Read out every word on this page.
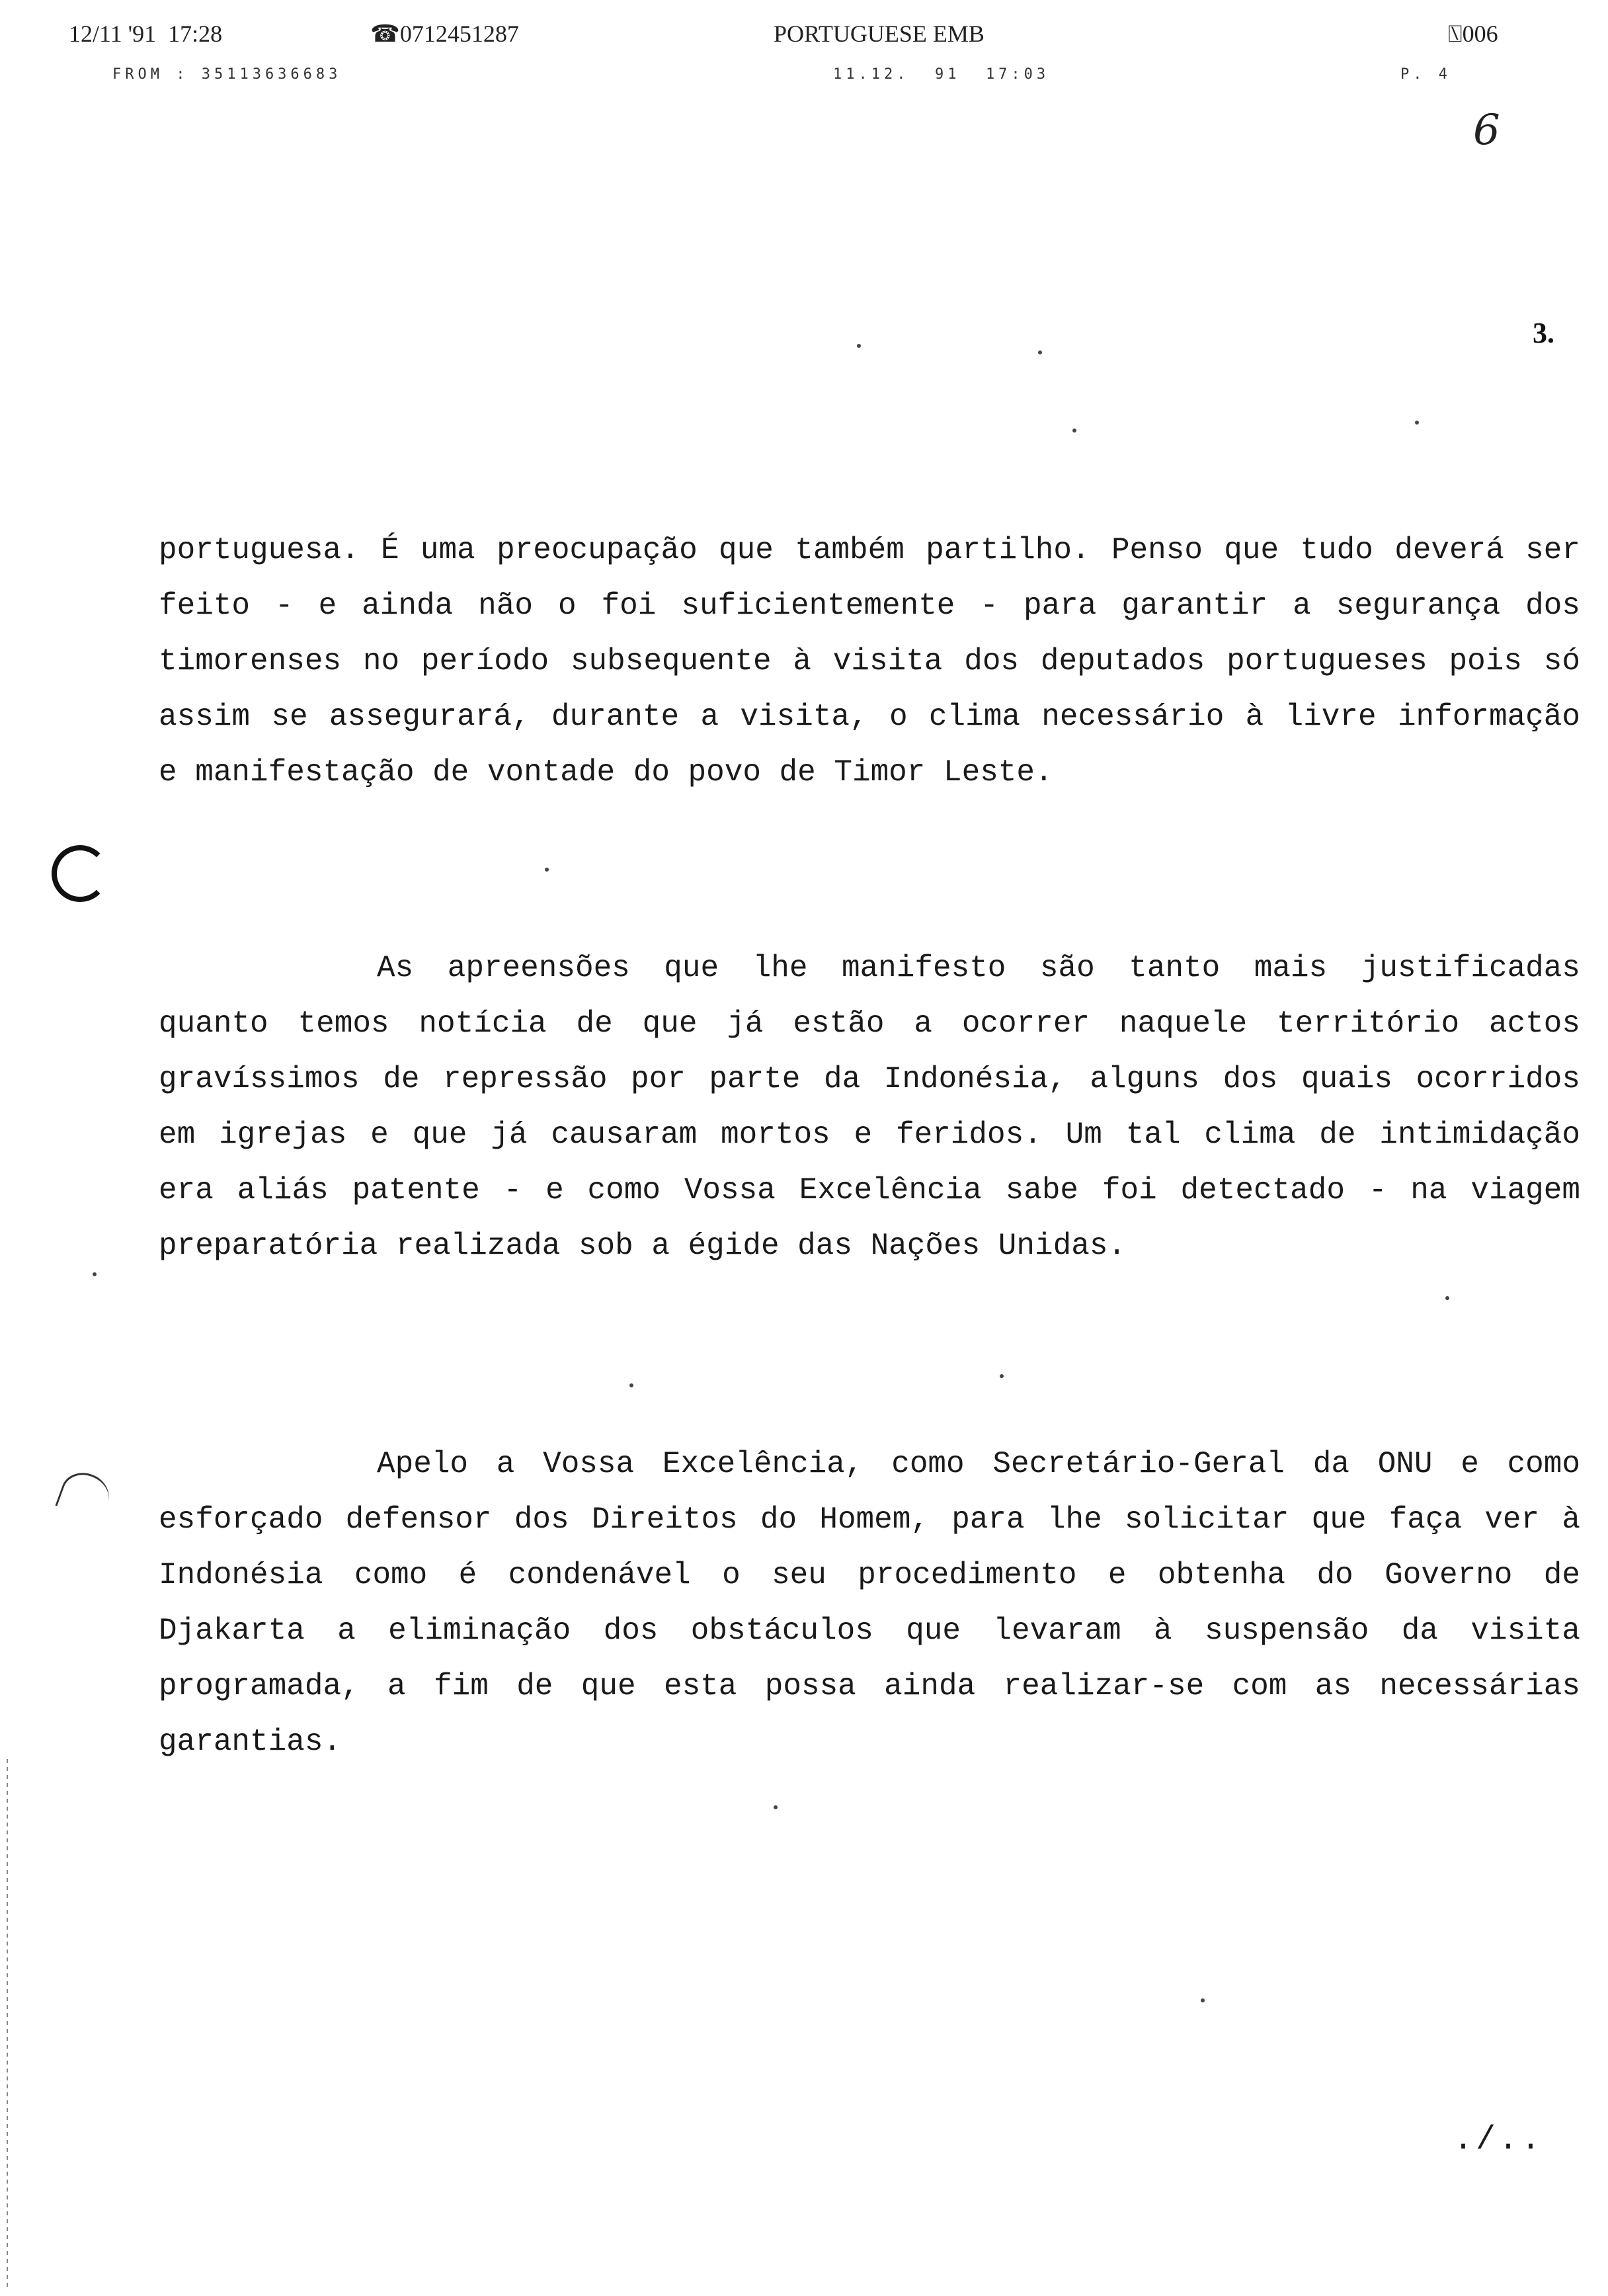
12/11 '91  17:28	☎0712451287	PORTUGUESE EMB	⍂006
FROM : 35113636683	11.12.  91  17:03	P. 4
6
3.
portuguesa. É uma preocupação que também partilho. Penso que tudo deverá ser feito - e ainda não o foi suficientemente - para garantir a segurança dos timorenses no período subsequente à visita dos deputados portugueses pois só assim se assegurará, durante a visita, o clima necessário à livre informação e manifestação de vontade do povo de Timor Leste.
As apreensões que lhe manifesto são tanto mais justificadas quanto temos notícia de que já estão a ocorrer naquele território actos gravíssimos de repressão por parte da Indonésia, alguns dos quais ocorridos em igrejas e que já causaram mortos e feridos. Um tal clima de intimidação era aliás patente - e como Vossa Excelência sabe foi detectado - na viagem preparatória realizada sob a égide das Nações Unidas.
Apelo a Vossa Excelência, como Secretário-Geral da ONU e como esforçado defensor dos Direitos do Homem, para lhe solicitar que faça ver à Indonésia como é condenável o seu procedimento e obtenha do Governo de Djakarta a eliminação dos obstáculos que levaram à suspensão da visita programada, a fim de que esta possa ainda realizar-se com as necessárias garantias.
./..
